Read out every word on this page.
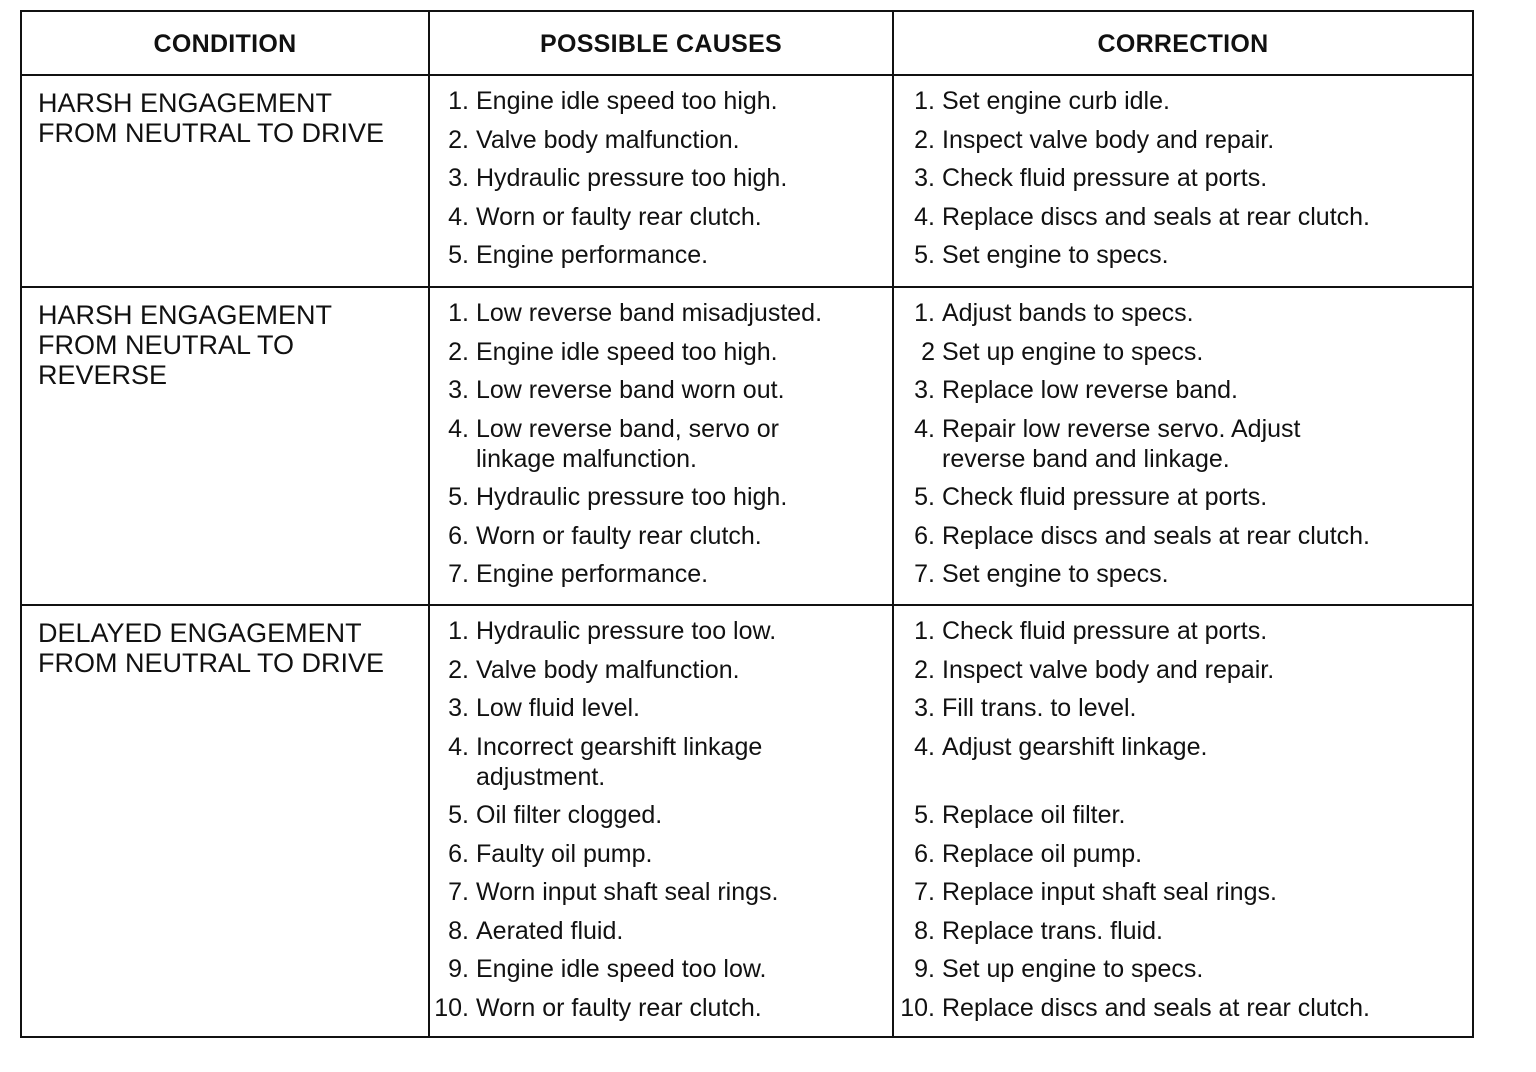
CONDITION	POSSIBLE CAUSES	CORRECTION
HARSH ENGAGEMENT
FROM NEUTRAL TO DRIVE
1. Engine idle speed too high.
2. Valve body malfunction.
3. Hydraulic pressure too high.
4. Worn or faulty rear clutch.
5. Engine performance.
1. Set engine curb idle.
2. Inspect valve body and repair.
3. Check fluid pressure at ports.
4. Replace discs and seals at rear clutch.
5. Set engine to specs.
HARSH ENGAGEMENT
FROM NEUTRAL TO
REVERSE
1. Low reverse band misadjusted.
2. Engine idle speed too high.
3. Low reverse band worn out.
4. Low reverse band, servo or
linkage malfunction.
5. Hydraulic pressure too high.
6. Worn or faulty rear clutch.
7. Engine performance.
1. Adjust bands to specs.
2 Set up engine to specs.
3. Replace low reverse band.
4. Repair low reverse servo. Adjust
reverse band and linkage.
5. Check fluid pressure at ports.
6. Replace discs and seals at rear clutch.
7. Set engine to specs.
DELAYED ENGAGEMENT
FROM NEUTRAL TO DRIVE
1. Hydraulic pressure too low.
2. Valve body malfunction.
3. Low fluid level.
4. Incorrect gearshift linkage
adjustment.
5. Oil filter clogged.
6. Faulty oil pump.
7. Worn input shaft seal rings.
8. Aerated fluid.
9. Engine idle speed too low.
10. Worn or faulty rear clutch.
1. Check fluid pressure at ports.
2. Inspect valve body and repair.
3. Fill trans. to level.
4. Adjust gearshift linkage.
5. Replace oil filter.
6. Replace oil pump.
7. Replace input shaft seal rings.
8. Replace trans. fluid.
9. Set up engine to specs.
10. Replace discs and seals at rear clutch.
